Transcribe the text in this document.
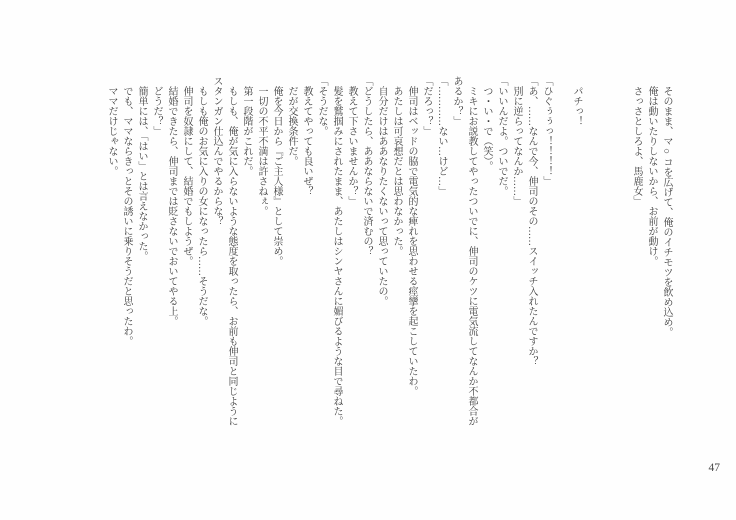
そのまま、マ○コを広げて、俺のイチモツを飲め込め。

俺は動いたりしないから、お前が動け。

さっさとしろよ、馬鹿女」

パチっ！

「ひぐぅぅっ！！！！」

「あ、……なんで今、伸司のその……スイッチ入れたんですか？

別に逆らってなんか……」

「いいんだよ。ついでだ。

つ・い・で（笑）。

ミキにお説教してやったついでに、伸司のケツに電気流してなんか不都合があるか？」

「…………ない…けど…」

「だろっ？」

伸司はベッドの脇で電気的な痺れを思わせる痙攣を起こしていたわ。

あたしは可哀想だとは思わなかった。

自分だけはああなりたくないって思っていたの。

「どうしたら、ああならないで済むの？

教えて下さいませんか？」

髪を鷲掴みにされたまま、あたしはシンヤさんに媚びるような目で尋ねた。

「そうだな。

教えてやっても良いぜ？

だが交換条件だ。

俺を今日から『ご主人様』として崇め。

一切の不平不満は許さねぇ。

第一段階がこれだ。

もしも、俺が気に入らないような態度を取ったら、お前も伸司と同じようにスタンガン仕込んでやるからな？

もしも俺のお気に入りの女になったら……そうだな。

伸司を奴隷にして、結婚でもしようぜ。

結婚できたら、伸司までは貶さないでおいてやる上。

どうだ？」

簡単には、「はい」とは言えなかった。

でも、ママならきっとその誘いに乗りそうだと思ったわ。

ママだけじゃない。

47
